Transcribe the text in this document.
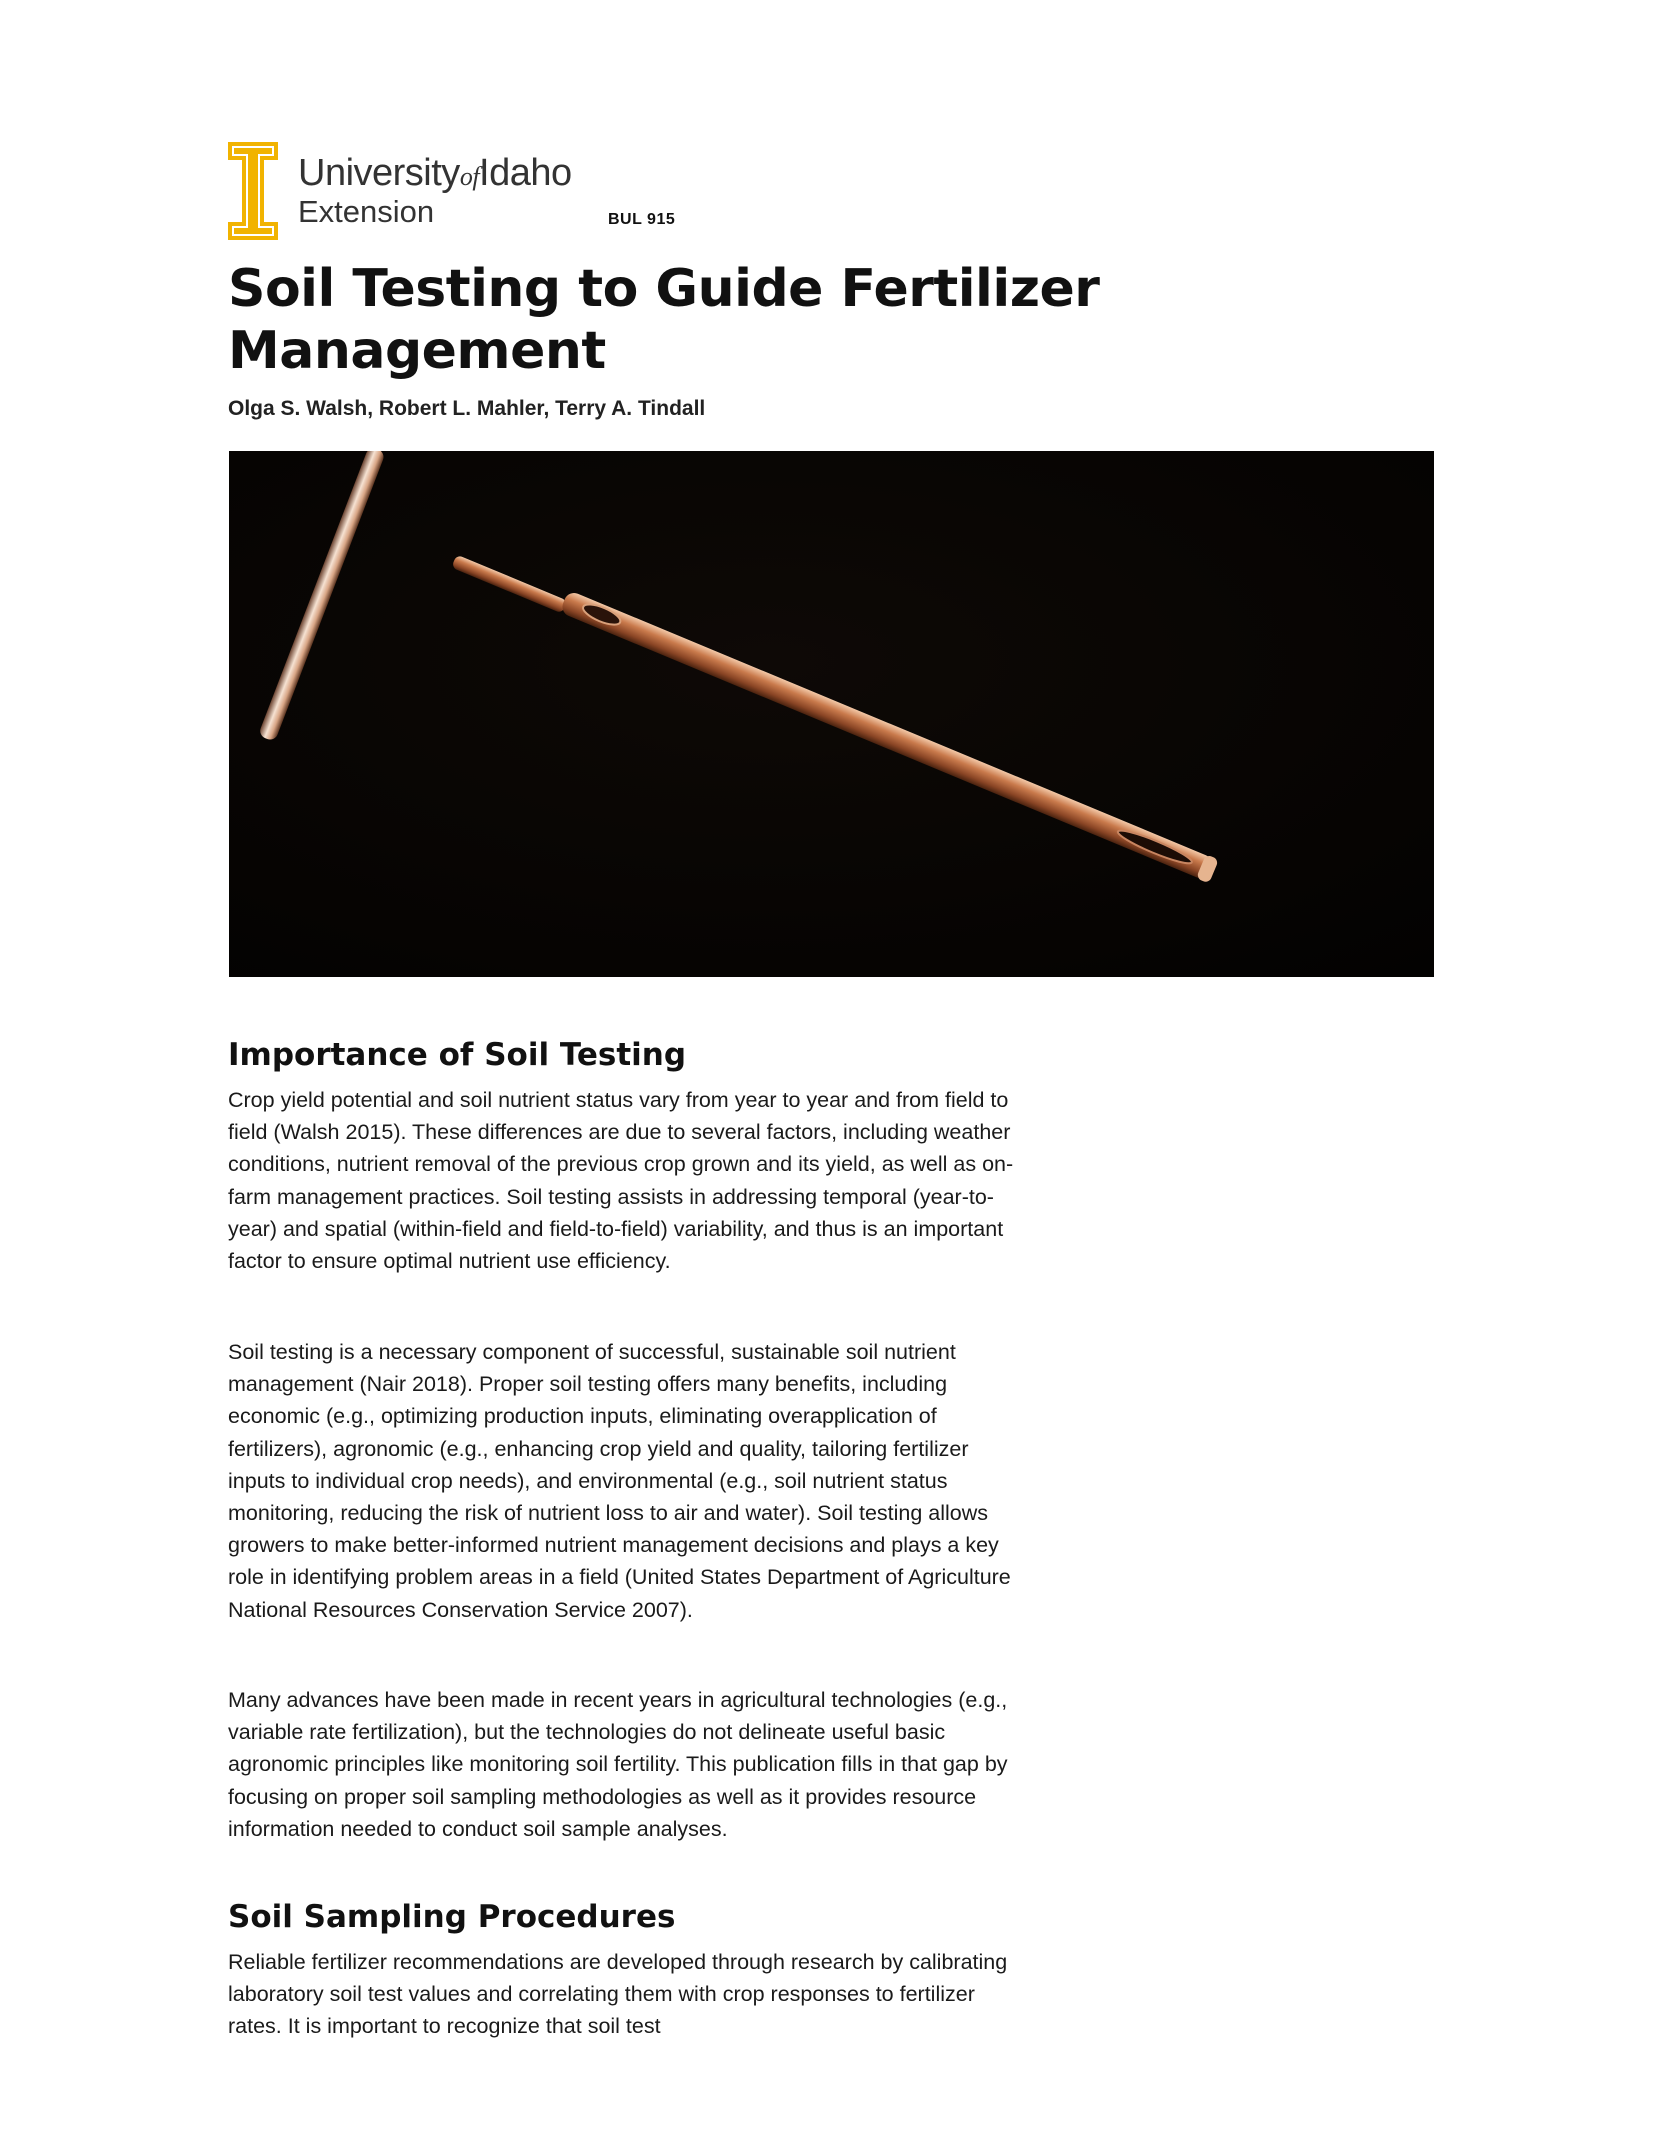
UniversityofIdaho
Extension	BUL 915
Soil Testing to Guide Fertilizer Management
Olga S. Walsh, Robert L. Mahler, Terry A. Tindall
Importance of Soil Testing

Crop yield potential and soil nutrient status vary from year to year and from field to field (Walsh 2015). These differences are due to several factors, including weather conditions, nutrient removal of the previous crop grown and its yield, as well as on-farm management practices. Soil testing assists in addressing temporal (year-to-year) and spatial (within-field and field-to-field) variability, and thus is an important factor to ensure optimal nutrient use efficiency.

Soil testing is a necessary component of successful, sustainable soil nutrient management (Nair 2018). Proper soil testing offers many benefits, including economic (e.g., optimizing production inputs, eliminating overapplication of fertilizers), agronomic (e.g., enhancing crop yield and quality, tailoring fertilizer inputs to individual crop needs), and environmental (e.g., soil nutrient status monitoring, reducing the risk of nutrient loss to air and water). Soil testing allows growers to make better-informed nutrient management decisions and plays a key role in identifying problem areas in a field (United States Department of Agriculture National Resources Conservation Service 2007).

Many advances have been made in recent years in agricultural technologies (e.g., variable rate fertilization), but the technologies do not delineate useful basic agronomic principles like monitoring soil fertility. This publication fills in that gap by focusing on proper soil sampling methodologies as well as it provides resource information needed to conduct soil sample analyses.

Soil Sampling Procedures

Reliable fertilizer recommendations are developed through research by calibrating laboratory soil test values and correlating them with crop responses to fertilizer rates. It is important to recognize that soil test
